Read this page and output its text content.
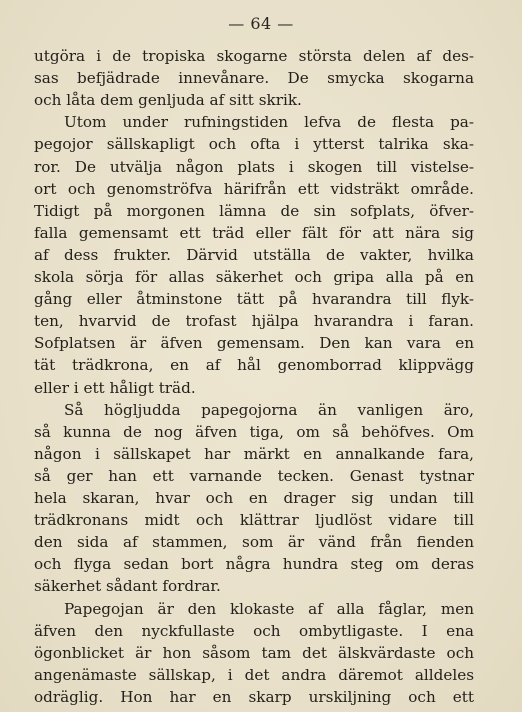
— 64 —
utgöra i de tropiska skogarne största delen af des-
sas befjädrade innevånare. De smycka skogarna
och låta dem genljuda af sitt skrik.
Utom under rufningstiden lefva de flesta pa-
pegojor sällskapligt och ofta i ytterst talrika ska-
ror. De utvälja någon plats i skogen till vistelse-
ort och genomströfva härifrån ett vidsträkt område.
Tidigt på morgonen lämna de sin sofplats, öfver-
falla gemensamt ett träd eller fält för att nära sig
af dess frukter. Därvid utställa de vakter, hvilka
skola sörja för allas säkerhet och gripa alla på en
gång eller åtminstone tätt på hvarandra till flyk-
ten, hvarvid de trofast hjälpa hvarandra i faran.
Sofplatsen är äfven gemensam. Den kan vara en
tät trädkrona, en af hål genomborrad klippvägg
eller i ett håligt träd.
Så högljudda papegojorna än vanligen äro,
så kunna de nog äfven tiga, om så behöfves. Om
någon i sällskapet har märkt en annalkande fara,
så ger han ett varnande tecken. Genast tystnar
hela skaran, hvar och en drager sig undan till
trädkronans midt och klättrar ljudlöst vidare till
den sida af stammen, som är vänd från fienden
och flyga sedan bort några hundra steg om deras
säkerhet sådant fordrar.
Papegojan är den klokaste af alla fåglar, men
äfven den nyckfullaste och ombytligaste. I ena
ögonblicket är hon såsom tam det älskvärdaste och
angenämaste sällskap, i det andra däremot alldeles
odräglig. Hon har en skarp urskiljning och ett
